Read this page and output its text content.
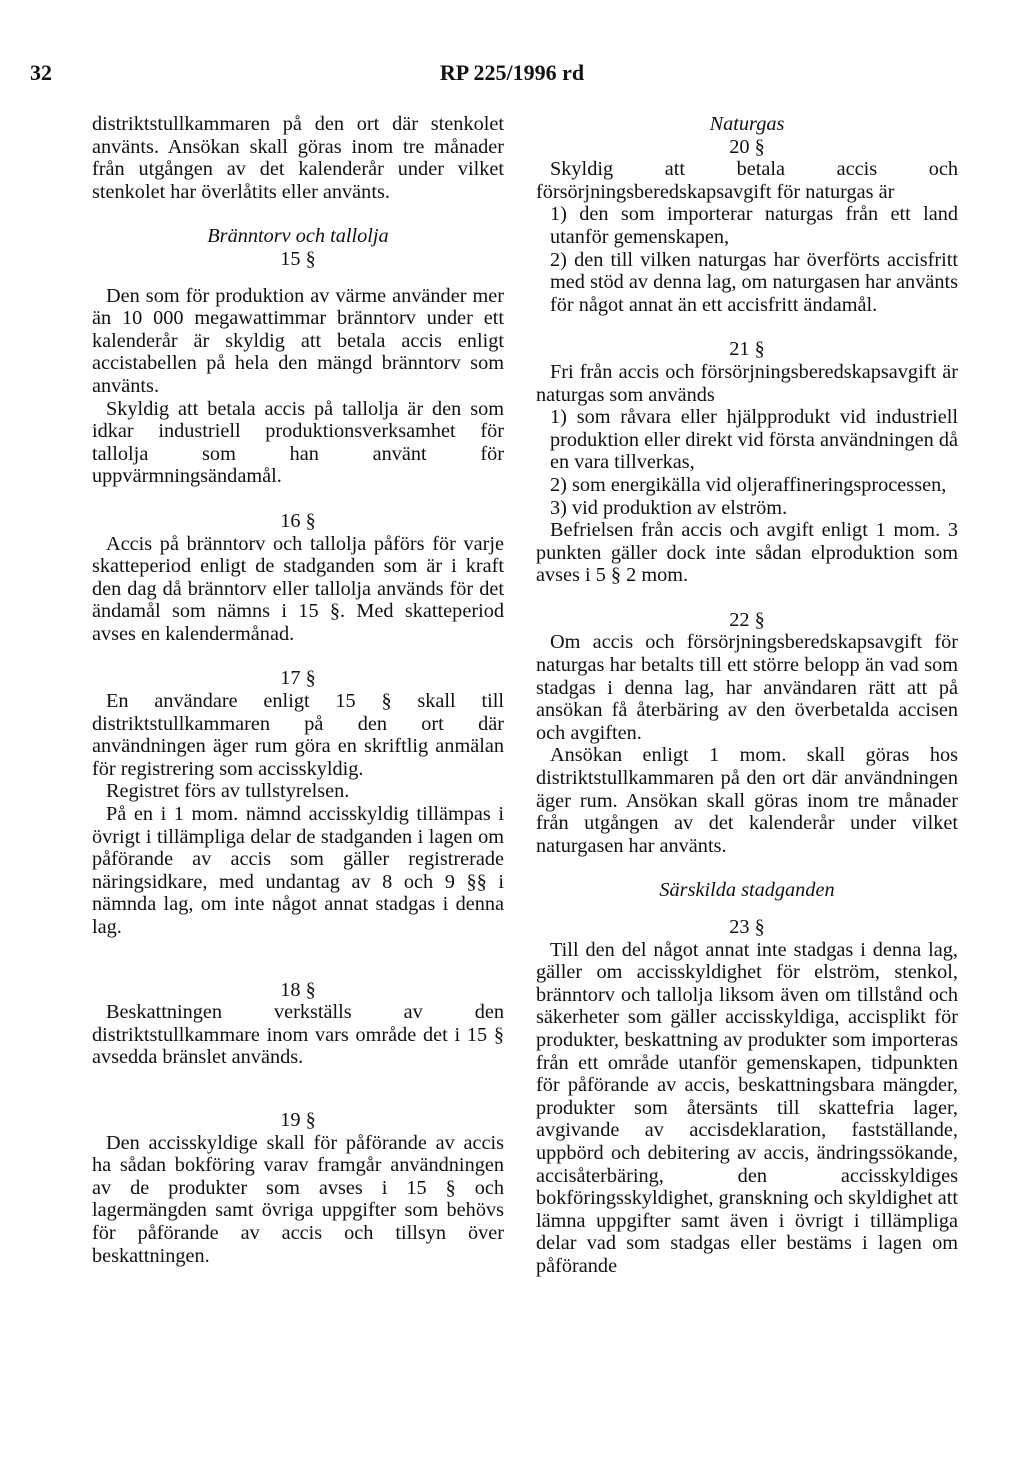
32	RP 225/1996 rd

distriktstullkammaren på den ort där stenkolet använts. Ansökan skall göras inom tre månader från utgången av det kalenderår under vilket stenkolet har överlåtits eller använts.

Bränntorv och tallolja

15 §

Den som för produktion av värme använder mer än 10 000 megawattimmar bränntorv under ett kalenderår är skyldig att betala accis enligt accistabellen på hela den mängd bränntorv som använts.

Skyldig att betala accis på tallolja är den som idkar industriell produktionsverksamhet för tallolja som han använt för uppvärmningsändamål.

16 §

Accis på bränntorv och tallolja påförs för varje skatteperiod enligt de stadganden som är i kraft den dag då bränntorv eller tallolja används för det ändamål som nämns i 15 §. Med skatteperiod avses en kalendermånad.

17 §

En användare enligt 15 § skall till distriktstullkammaren på den ort där användningen äger rum göra en skriftlig anmälan för registrering som accisskyldig.

Registret förs av tullstyrelsen.

På en i 1 mom. nämnd accisskyldig tillämpas i övrigt i tillämpliga delar de stadganden i lagen om påförande av accis som gäller registrerade näringsidkare, med undantag av 8 och 9 §§ i nämnda lag, om inte något annat stadgas i denna lag.

18 §

Beskattningen verkställs av den distriktstullkammare inom vars område det i 15 § avsedda bränslet används.

19 §

Den accisskyldige skall för påförande av accis ha sådan bokföring varav framgår användningen av de produkter som avses i 15 § och lagermängden samt övriga uppgifter som behövs för påförande av accis och tillsyn över beskattningen.

Naturgas

20 §

Skyldig att betala accis och försörjningsberedskapsavgift för naturgas är

1) den som importerar naturgas från ett land utanför gemenskapen,

2) den till vilken naturgas har överförts accisfritt med stöd av denna lag, om naturgasen har använts för något annat än ett accisfritt ändamål.

21 §

Fri från accis och försörjningsberedskapsavgift är naturgas som används

1) som råvara eller hjälpprodukt vid industriell produktion eller direkt vid första användningen då en vara tillverkas,

2) som energikälla vid oljeraffineringsprocessen,

3) vid produktion av elström.

Befrielsen från accis och avgift enligt 1 mom. 3 punkten gäller dock inte sådan elproduktion som avses i 5 § 2 mom.

22 §

Om accis och försörjningsberedskapsavgift för naturgas har betalts till ett större belopp än vad som stadgas i denna lag, har användaren rätt att på ansökan få återbäring av den överbetalda accisen och avgiften.

Ansökan enligt 1 mom. skall göras hos distriktstullkammaren på den ort där användningen äger rum. Ansökan skall göras inom tre månader från utgången av det kalenderår under vilket naturgasen har använts.

Särskilda stadganden

23 §

Till den del något annat inte stadgas i denna lag, gäller om accisskyldighet för elström, stenkol, bränntorv och tallolja liksom även om tillstånd och säkerheter som gäller accisskyldiga, accisplikt för produkter, beskattning av produkter som importeras från ett område utanför gemenskapen, tidpunkten för påförande av accis, beskattningsbara mängder, produkter som återsänts till skattefria lager, avgivande av accisdeklaration, fastställande, uppbörd och debitering av accis, ändringssökande, accisåterbäring, den accisskyldiges bokföringsskyldighet, granskning och skyldighet att lämna uppgifter samt även i övrigt i tillämpliga delar vad som stadgas eller bestäms i lagen om påförande
